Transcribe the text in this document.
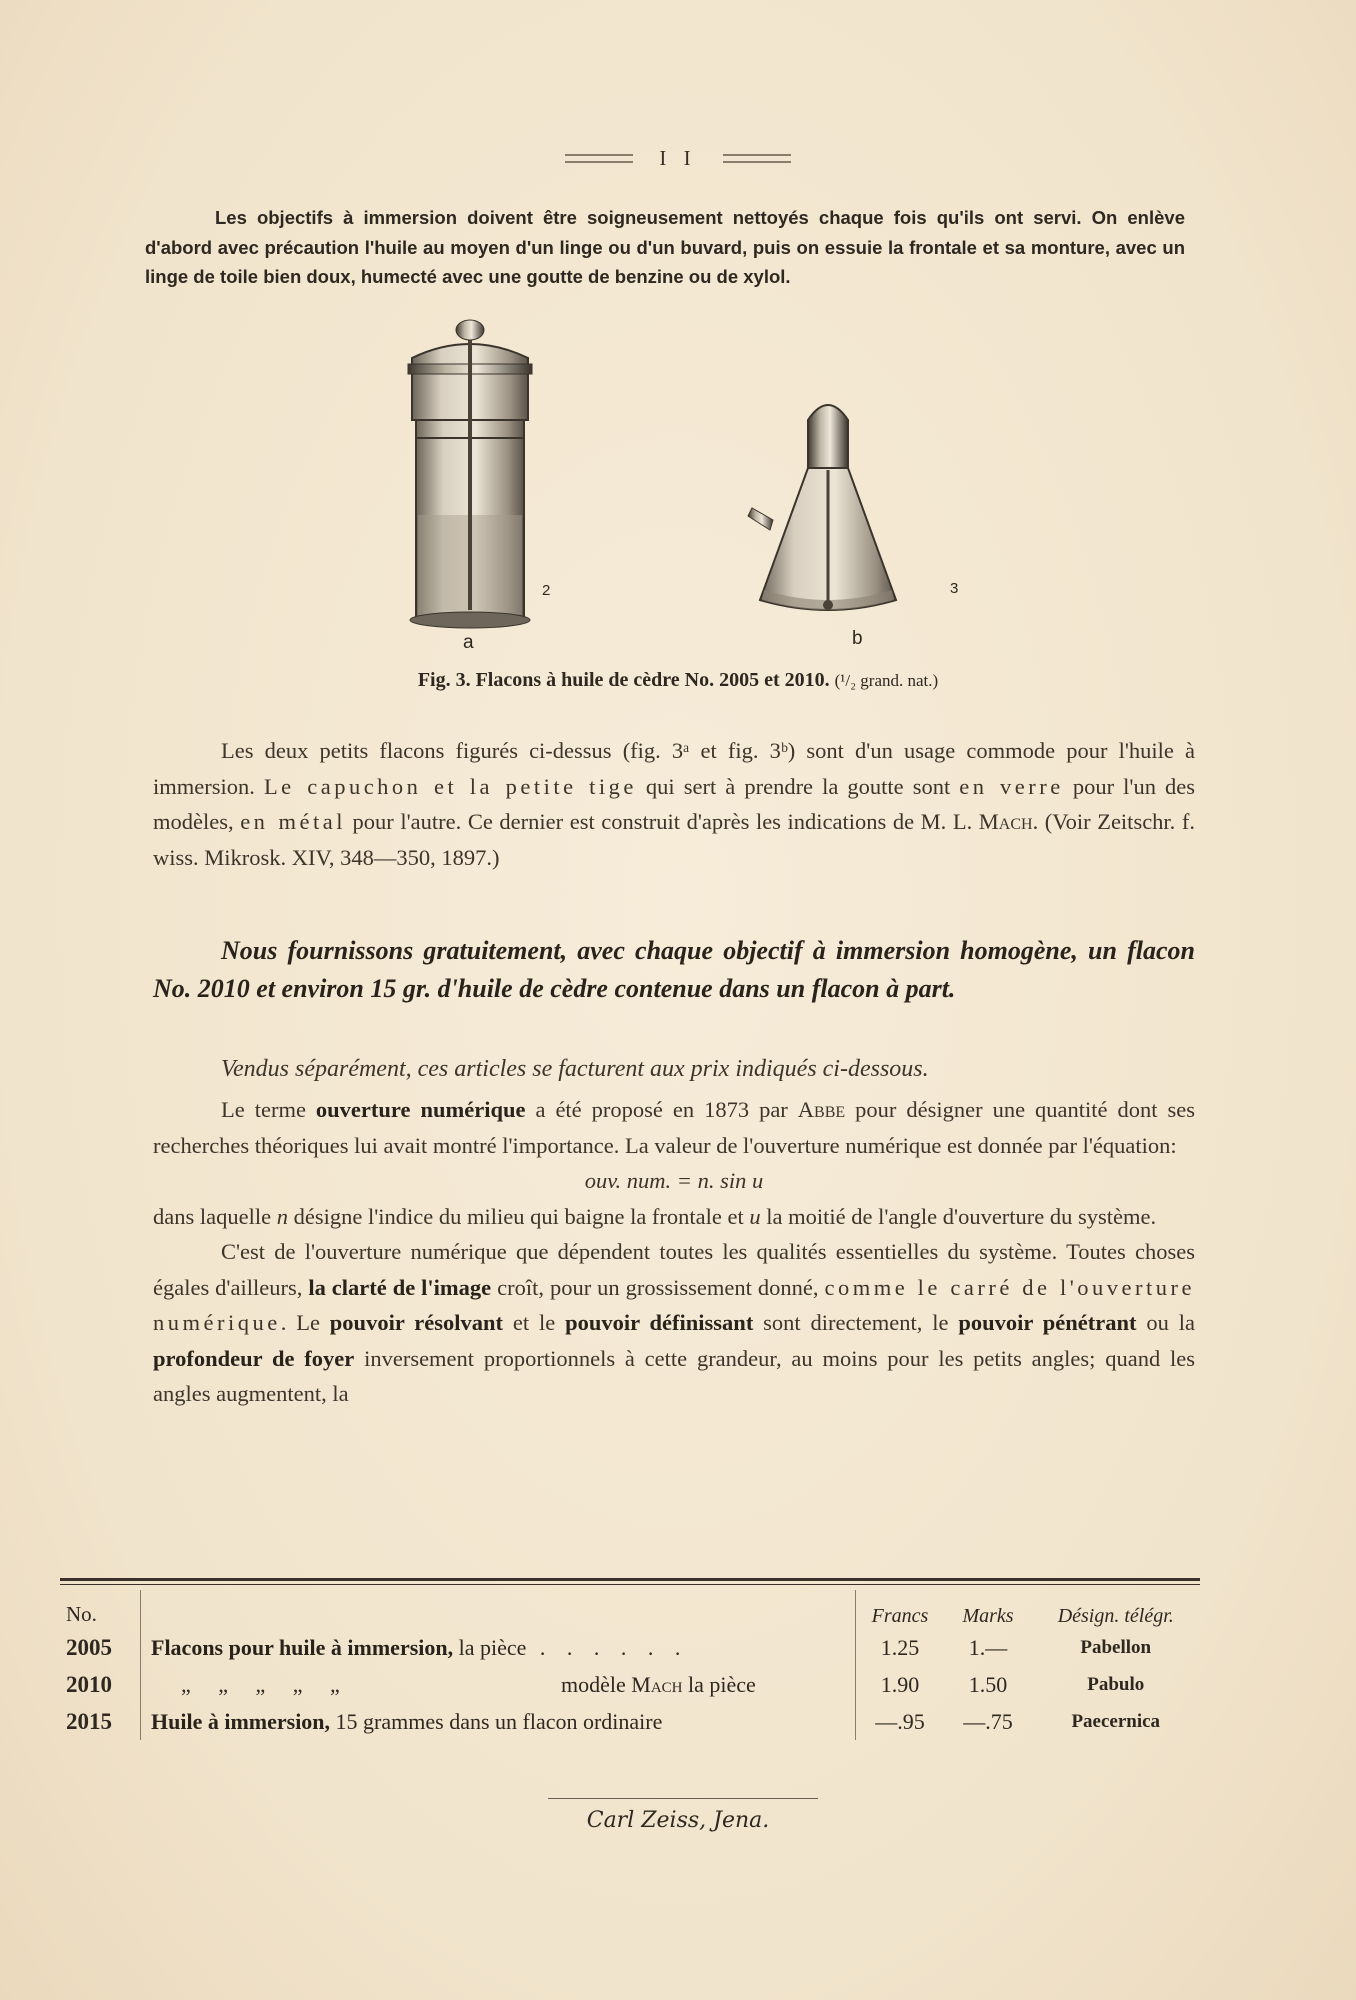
I I

Les objectifs à immersion doivent être soigneusement nettoyés chaque fois qu'ils ont servi. On enlève d'abord avec précaution l'huile au moyen d'un linge ou d'un buvard, puis on essuie la frontale et sa monture, avec un linge de toile bien doux, humecté avec une goutte de benzine ou de xylol.

a	b
2	3
Fig. 3. Flacons à huile de cèdre No. 2005 et 2010. (¹/₂ grand. nat.)

Les deux petits flacons figurés ci-dessus (fig. 3ᵃ et fig. 3ᵇ) sont d'un usage commode pour l'huile à immersion. Le capuchon et la petite tige qui sert à prendre la goutte sont en verre pour l'un des modèles, en métal pour l'autre. Ce dernier est construit d'après les indications de M. L. Mach. (Voir Zeitschr. f. wiss. Mikrosk. XIV, 348—350, 1897.)

Nous fournissons gratuitement, avec chaque objectif à immersion homogène, un flacon No. 2010 et environ 15 gr. d'huile de cèdre contenue dans un flacon à part.

Vendus séparément, ces articles se facturent aux prix indiqués ci-dessous.

Le terme ouverture numérique a été proposé en 1873 par Abbe pour désigner une quantité dont ses recherches théoriques lui avait montré l'importance. La valeur de l'ouverture numérique est donnée par l'équation:

ouv. num. = n. sin u

dans laquelle n désigne l'indice du milieu qui baigne la frontale et u la moitié de l'angle d'ouverture du système.

C'est de l'ouverture numérique que dépendent toutes les qualités essentielles du système. Toutes choses égales d'ailleurs, la clarté de l'image croît, pour un grossissement donné, comme le carré de l'ouverture numérique. Le pouvoir résolvant et le pouvoir définissant sont directement, le pouvoir pénétrant ou la profondeur de foyer inversement proportionnels à cette grandeur, au moins pour les petits angles; quand les angles augmentent, la

No.		Francs	Marks	Désign. télégr.
2005	Flacons pour huile à immersion, la pièce . . . . . .	1.25	1.—	Pabellon
2010	„ „ „ „ „ modèle Mach la pièce	1.90	1.50	Pabulo
2015	Huile à immersion, 15 grammes dans un flacon ordinaire	—.95	—.75	Paecernica
Carl Zeiss, Jena.
